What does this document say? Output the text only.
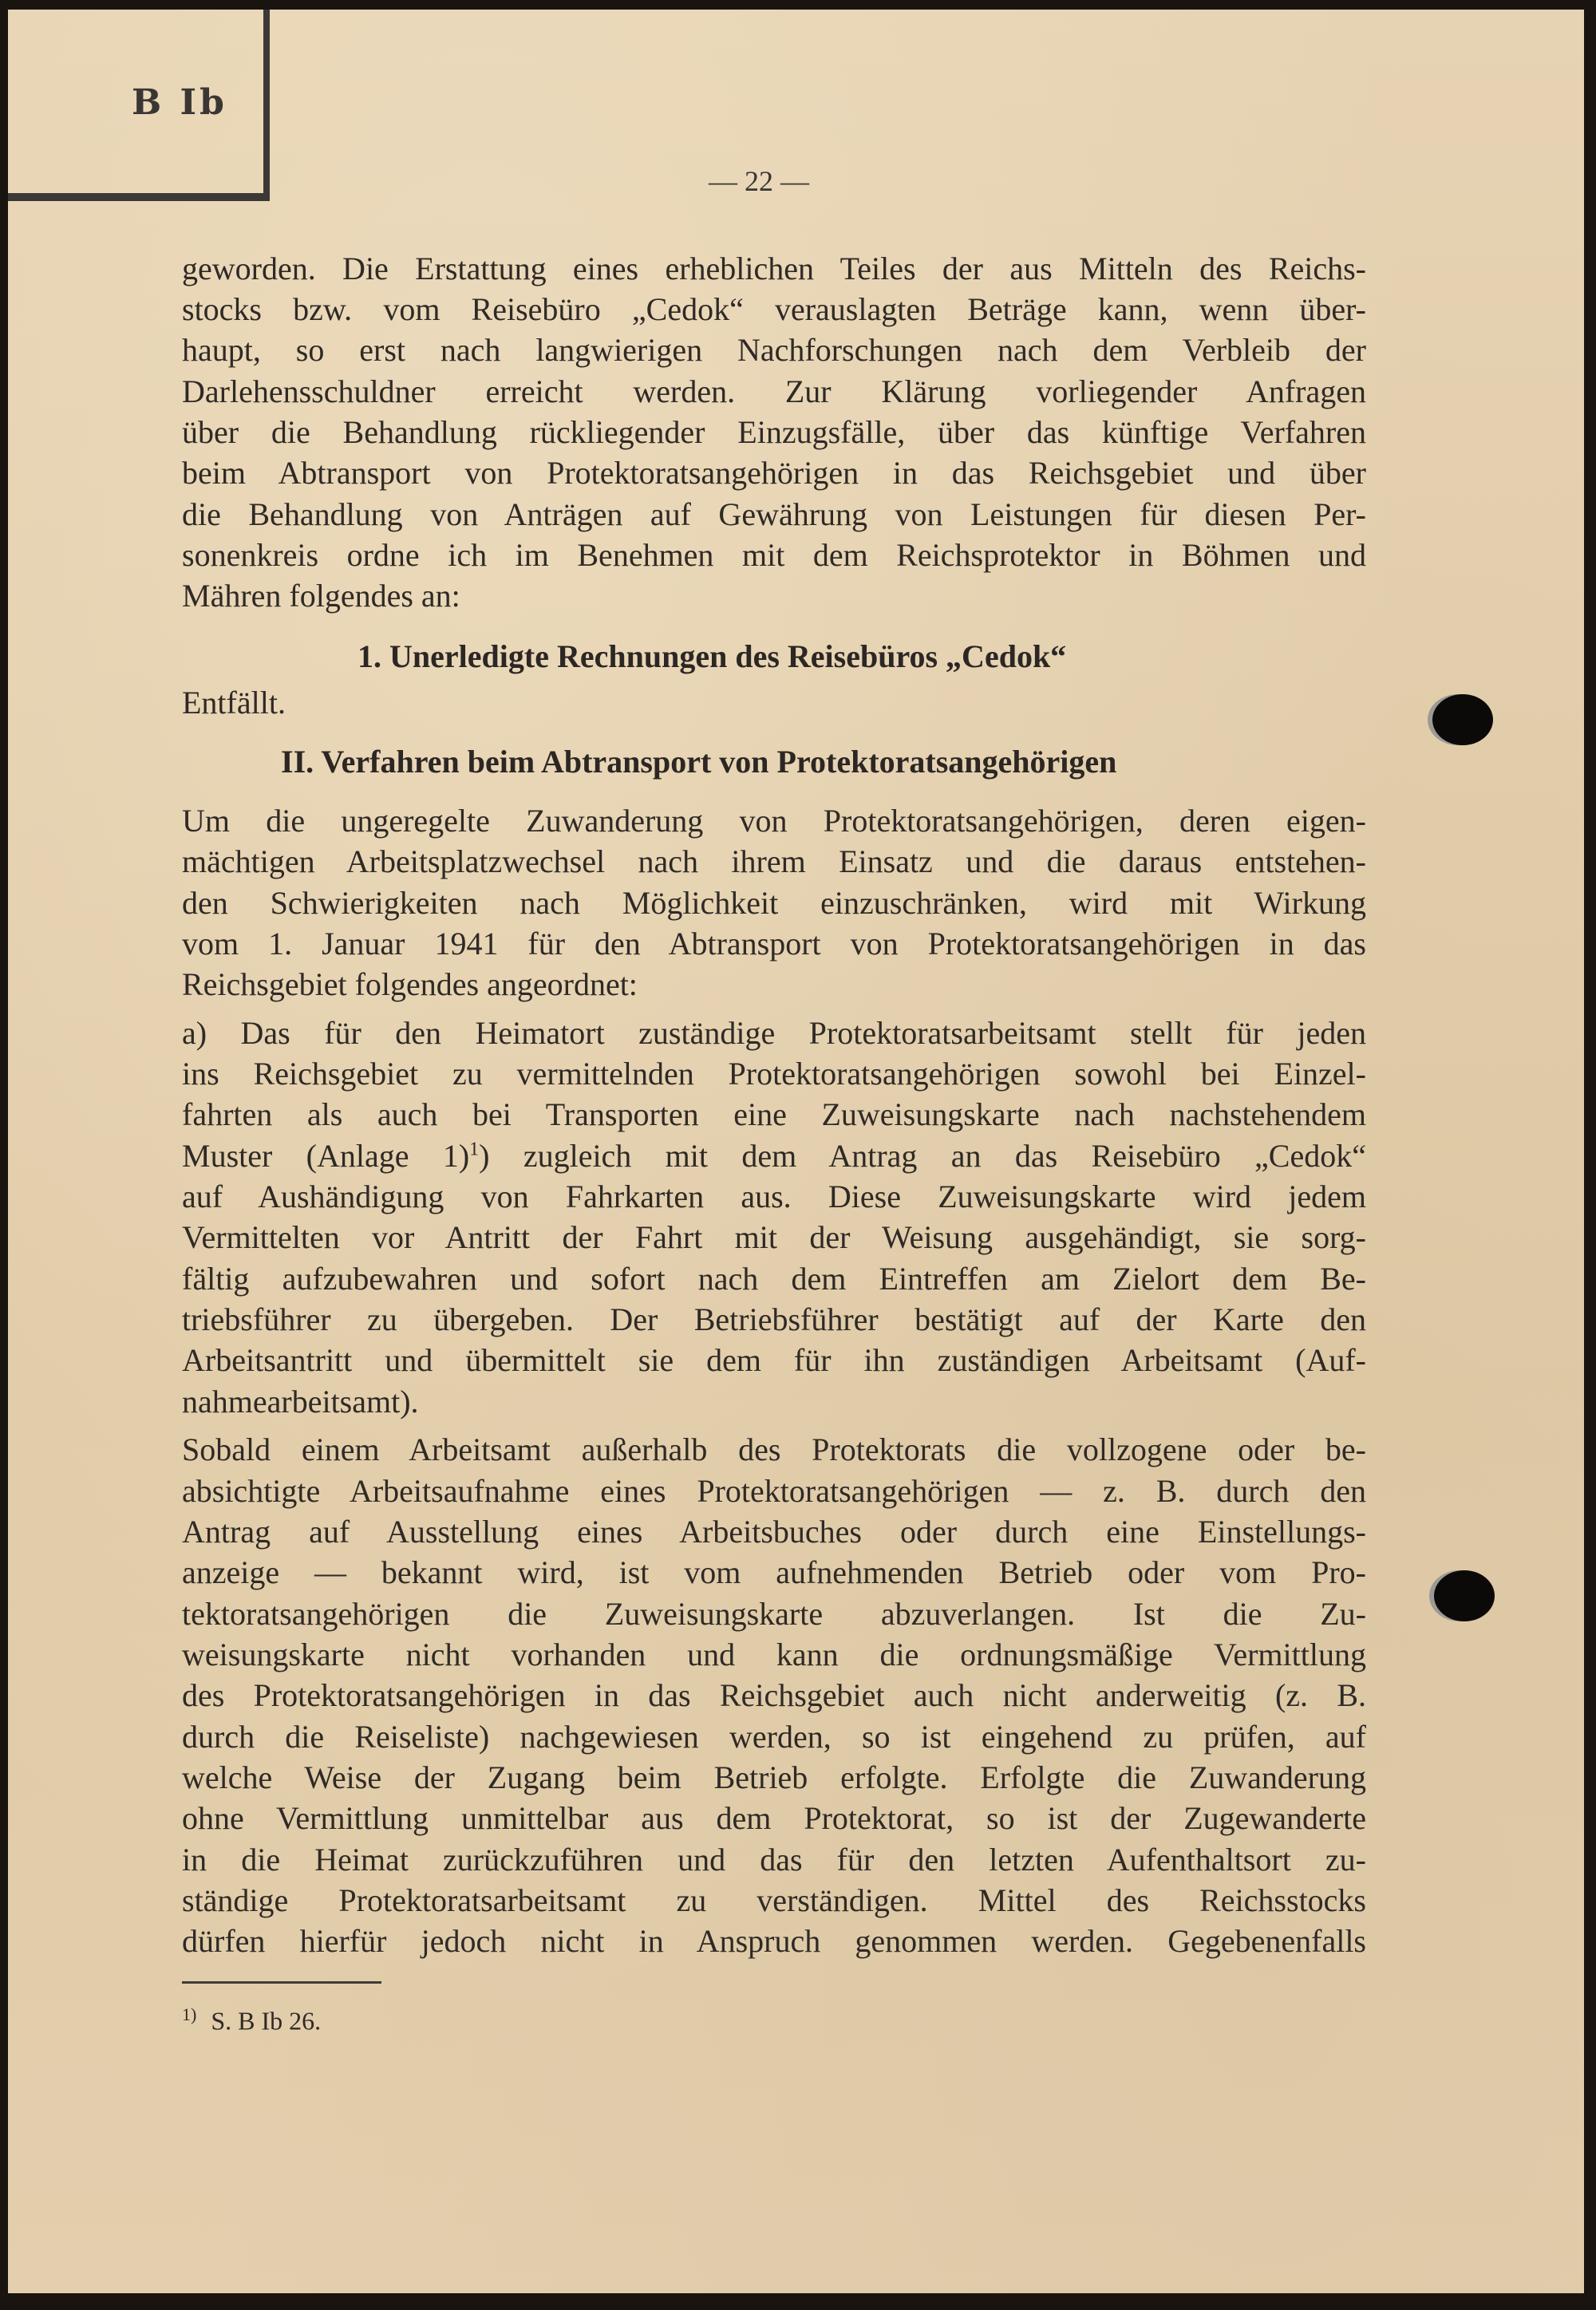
B Ib
— 22 —
geworden. Die Erstattung eines erheblichen Teiles der aus Mitteln des Reichs-
stocks bzw. vom Reisebüro „Cedok“ verauslagten Beträge kann, wenn über-
haupt, so erst nach langwierigen Nachforschungen nach dem Verbleib der
Darlehensschuldner erreicht werden. Zur Klärung vorliegender Anfragen
über die Behandlung rückliegender Einzugsfälle, über das künftige Verfahren
beim Abtransport von Protektoratsangehörigen in das Reichsgebiet und über
die Behandlung von Anträgen auf Gewährung von Leistungen für diesen Per-
sonenkreis ordne ich im Benehmen mit dem Reichsprotektor in Böhmen und
Mähren folgendes an:
1. Unerledigte Rechnungen des Reisebüros „Cedok“
Entfällt.
II. Verfahren beim Abtransport von Protektoratsangehörigen
Um die ungeregelte Zuwanderung von Protektoratsangehörigen, deren eigen-
mächtigen Arbeitsplatzwechsel nach ihrem Einsatz und die daraus entstehen-
den Schwierigkeiten nach Möglichkeit einzuschränken, wird mit Wirkung
vom 1. Januar 1941 für den Abtransport von Protektoratsangehörigen in das
Reichsgebiet folgendes angeordnet:
a) Das für den Heimatort zuständige Protektoratsarbeitsamt stellt für jeden
ins Reichsgebiet zu vermittelnden Protektoratsangehörigen sowohl bei Einzel-
fahrten als auch bei Transporten eine Zuweisungskarte nach nachstehendem
Muster (Anlage 1)$^1$) zugleich mit dem Antrag an das Reisebüro „Cedok“
auf Aushändigung von Fahrkarten aus. Diese Zuweisungskarte wird jedem
Vermittelten vor Antritt der Fahrt mit der Weisung ausgehändigt, sie sorg-
fältig aufzubewahren und sofort nach dem Eintreffen am Zielort dem Be-
triebsführer zu übergeben. Der Betriebsführer bestätigt auf der Karte den
Arbeitsantritt und übermittelt sie dem für ihn zuständigen Arbeitsamt (Auf-
nahmearbeitsamt).
Sobald einem Arbeitsamt außerhalb des Protektorats die vollzogene oder be-
absichtigte Arbeitsaufnahme eines Protektoratsangehörigen — z. B. durch den
Antrag auf Ausstellung eines Arbeitsbuches oder durch eine Einstellungs-
anzeige — bekannt wird, ist vom aufnehmenden Betrieb oder vom Pro-
tektoratsangehörigen die Zuweisungskarte abzuverlangen. Ist die Zu-
weisungskarte nicht vorhanden und kann die ordnungsmäßige Vermittlung
des Protektoratsangehörigen in das Reichsgebiet auch nicht anderweitig (z. B.
durch die Reiseliste) nachgewiesen werden, so ist eingehend zu prüfen, auf
welche Weise der Zugang beim Betrieb erfolgte. Erfolgte die Zuwanderung
ohne Vermittlung unmittelbar aus dem Protektorat, so ist der Zugewanderte
in die Heimat zurückzuführen und das für den letzten Aufenthaltsort zu-
ständige Protektoratsarbeitsamt zu verständigen. Mittel des Reichsstocks
dürfen hierfür jedoch nicht in Anspruch genommen werden. Gegebenenfalls
$^{1)}$ S. B Ib 26.
